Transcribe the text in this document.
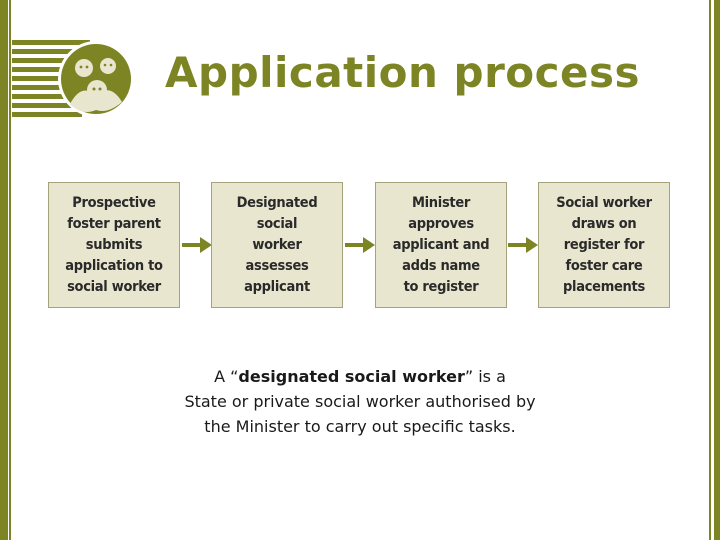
Application process
Prospective
foster parent
submits
application to
social worker
Designated
social
worker
assesses
applicant
Minister
approves
applicant and
adds name
to register
Social worker
draws on
register for
foster care
placements
A “designated social worker” is a
State or private social worker authorised by
the Minister to carry out specific tasks.
